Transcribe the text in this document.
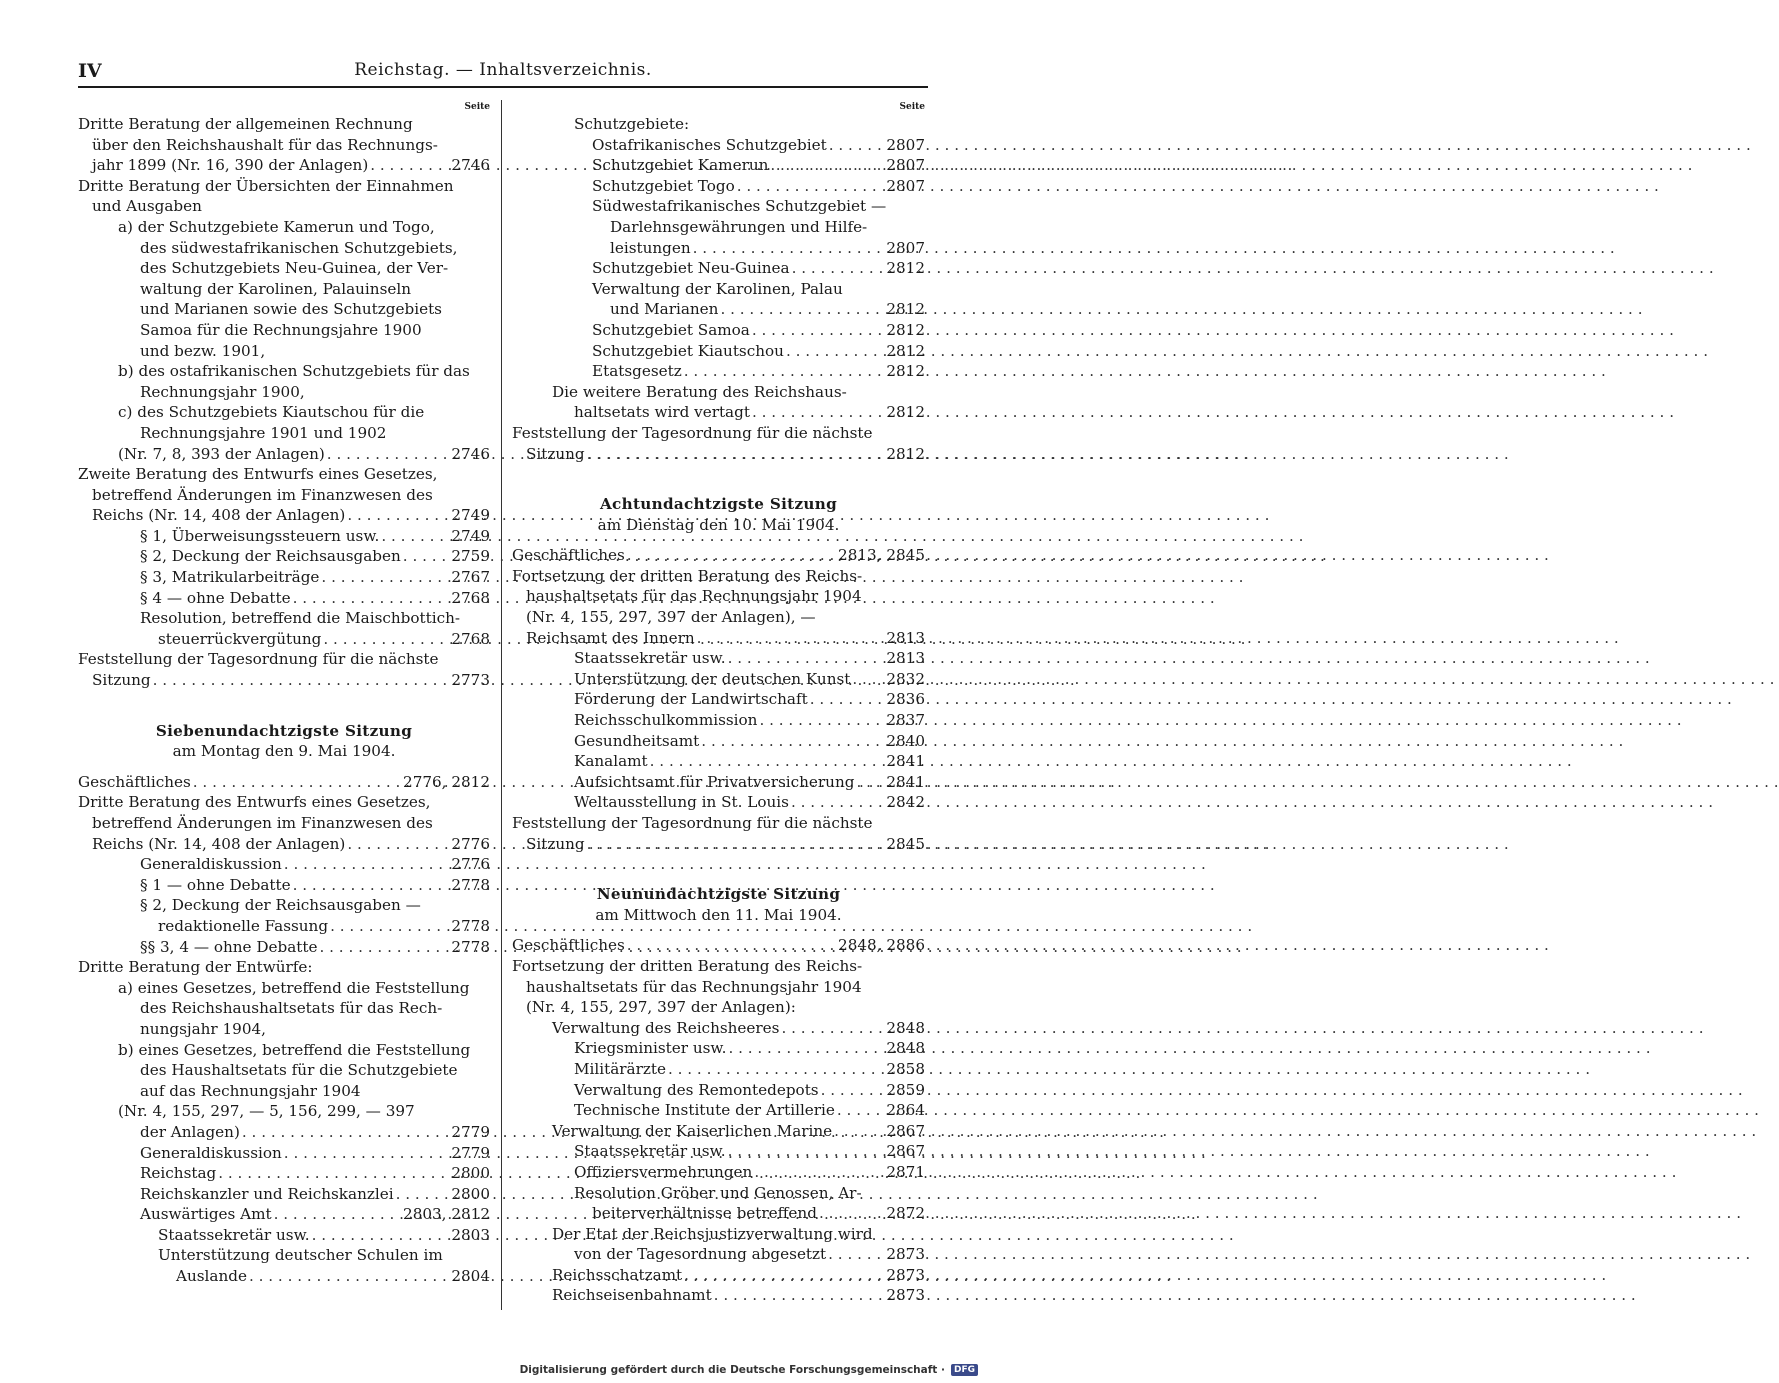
IV	Reichstag. — Inhaltsverzeichnis.
Seite
Dritte Beratung der allgemeinen Rechnung
über den Reichshaushalt für das Rechnungs-
jahr 1899 (Nr. 16, 390 der Anlagen) . . .	2746
Dritte Beratung der Übersichten der Einnahmen
und Ausgaben
a) der Schutzgebiete Kamerun und Togo,
des südwestafrikanischen Schutzgebiets,
des Schutzgebiets Neu-Guinea, der Ver-
waltung der Karolinen, Palauinseln
und Marianen sowie des Schutzgebiets
Samoa für die Rechnungsjahre 1900
und bezw. 1901,
b) des ostafrikanischen Schutzgebiets für das
Rechnungsjahr 1900,
c) des Schutzgebiets Kiautschou für die
Rechnungsjahre 1901 und 1902
(Nr. 7, 8, 393 der Anlagen) . . .	2746
Zweite Beratung des Entwurfs eines Gesetzes,
betreffend Änderungen im Finanzwesen des
Reichs (Nr. 14, 408 der Anlagen) . . .	2749
§ 1, Überweisungssteuern usw. . . .	2749
§ 2, Deckung der Reichsausgaben . . .	2759
§ 3, Matrikularbeiträge . . .	2767
§ 4 — ohne Debatte . . .	2768
Resolution, betreffend die Maischbottich-
steuerrückvergütung . . .	2768
Feststellung der Tagesordnung für die nächste
Sitzung . . .	2773
Siebenundachtzigste Sitzung
am Montag den 9. Mai 1904.
Geschäftliches . . .	2776, 2812
Dritte Beratung des Entwurfs eines Gesetzes,
betreffend Änderungen im Finanzwesen des
Reichs (Nr. 14, 408 der Anlagen) . . .	2776
Generaldiskussion . . .	2776
§ 1 — ohne Debatte . . .	2778
§ 2, Deckung der Reichsausgaben —
redaktionelle Fassung . . .	2778
§§ 3, 4 — ohne Debatte . . .	2778
Dritte Beratung der Entwürfe:
a) eines Gesetzes, betreffend die Feststellung
des Reichshaushaltsetats für das Rech-
nungsjahr 1904,
b) eines Gesetzes, betreffend die Feststellung
des Haushaltsetats für die Schutzgebiete
auf das Rechnungsjahr 1904
(Nr. 4, 155, 297, — 5, 156, 299, — 397
der Anlagen) . . .	2779
Generaldiskussion . . .	2779
Reichstag . . .	2800
Reichskanzler und Reichskanzlei . . .	2800
Auswärtiges Amt . . .	2803, 2812
Staatssekretär usw. . . .	2803
Unterstützung deutscher Schulen im
Auslande . . .	2804
Seite
Schutzgebiete:
Ostafrikanisches Schutzgebiet . . .	2807
Schutzgebiet Kamerun . . .	2807
Schutzgebiet Togo . . .	2807
Südwestafrikanisches Schutzgebiet —
Darlehnsgewährungen und Hilfe-
leistungen . . .	2807
Schutzgebiet Neu-Guinea . . .	2812
Verwaltung der Karolinen, Palau
und Marianen . . .	2812
Schutzgebiet Samoa . . .	2812
Schutzgebiet Kiautschou . . .	2812
Etatsgesetz . . .	2812
Die weitere Beratung des Reichshaus-
haltsetats wird vertagt . . .	2812
Feststellung der Tagesordnung für die nächste
Sitzung . . .	2812
Achtundachtzigste Sitzung
am Dienstag den 10. Mai 1904.
Geschäftliches . . .	2813, 2845
Fortsetzung der dritten Beratung des Reichs-
haushaltsetats für das Rechnungsjahr 1904
(Nr. 4, 155, 297, 397 der Anlagen), —
Reichsamt des Innern . . .	2813
Staatssekretär usw. . . .	2813
Unterstützung der deutschen Kunst . . . 2832
Förderung der Landwirtschaft . . .	2836
Reichsschulkommission . . .	2837
Gesundheitsamt . . .	2840
Kanalamt . . .	2841
Aufsichtsamt für Privatversicherung . . . 2841
Weltausstellung in St. Louis . . .	2842
Feststellung der Tagesordnung für die nächste
Sitzung . . .	2845
Neunundachtzigste Sitzung
am Mittwoch den 11. Mai 1904.
Geschäftliches . . .	2848, 2886
Fortsetzung der dritten Beratung des Reichs-
haushaltsetats für das Rechnungsjahr 1904
(Nr. 4, 155, 297, 397 der Anlagen):
Verwaltung des Reichsheeres . . .	2848
Kriegsminister usw. . . .	2848
Militärärzte . . .	2858
Verwaltung des Remontedepots . . .	2859
Technische Institute der Artillerie . . .	2864
Verwaltung der Kaiserlichen Marine . . .	2867
Staatssekretär usw. . . .	2867
Offiziersvermehrungen . . .	2871
Resolution Gröber und Genossen, Ar-
beiterverhältnisse betreffend . . .	2872
Der Etat der Reichsjustizverwaltung wird
von der Tagesordnung abgesetzt . . .	2873
Reichsschatzamt . . .	2873
Reichseisenbahnamt . . .	2873
Digitalisierung gefördert durch die Deutsche Forschungsgemeinschaft ·	DFG
